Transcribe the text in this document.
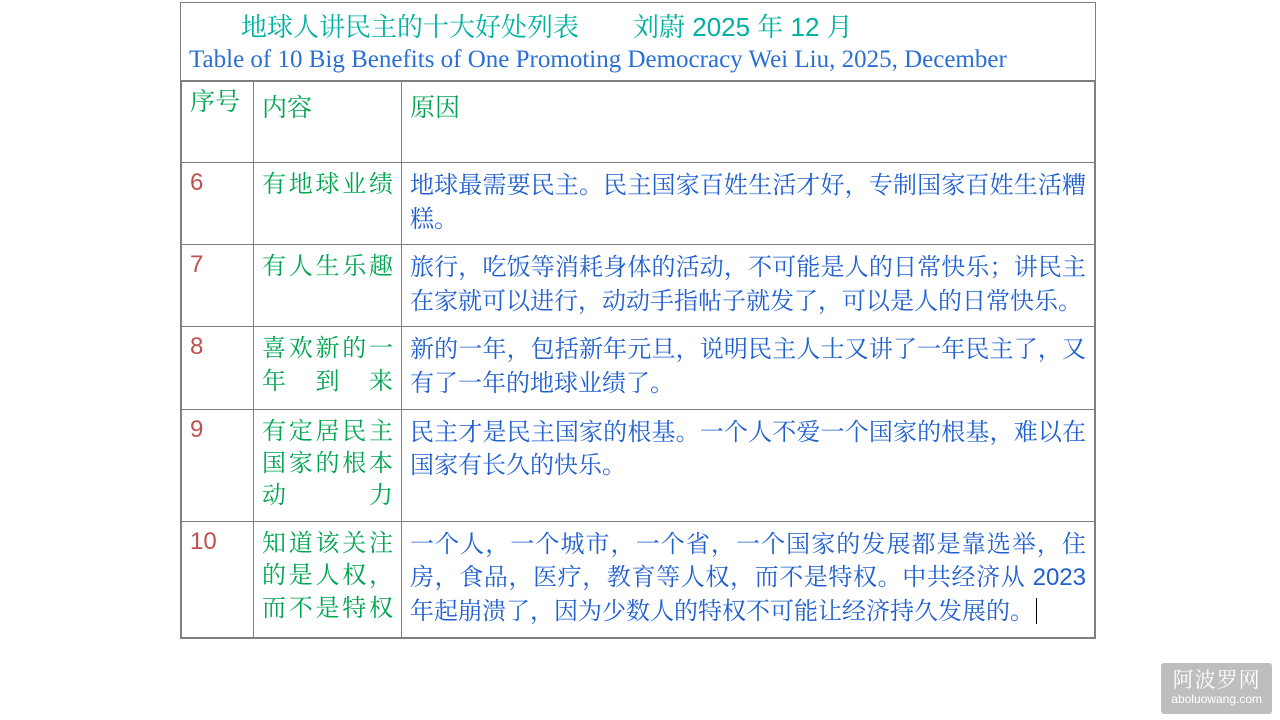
地球人讲民主的十大好处列表 刘蔚 2025 年 12 月
Table of 10 Big Benefits of One Promoting Democracy Wei Liu, 2025, December
序号	内容	原因

6	有地球业绩	地球最需要民主。民主国家百姓生活才好，专制国家百姓生活糟糕。

7	有人生乐趣	旅行，吃饭等消耗身体的活动，不可能是人的日常快乐；讲民主在家就可以进行，动动手指帖子就发了，可以是人的日常快乐。

8	喜欢新的一年到来	新的一年，包括新年元旦，说明民主人士又讲了一年民主了，又有了一年的地球业绩了。

9	有定居民主国家的根本动力	民主才是民主国家的根基。一个人不爱一个国家的根基，难以在国家有长久的快乐。

10	知道该关注的是人权，而不是特权	一个人，一个城市，一个省，一个国家的发展都是靠选举，住房，食品，医疗，教育等人权，而不是特权。中共经济从 2023 年起崩溃了，因为少数人的特权不可能让经济持久发展的。
阿波罗网
aboluowang.com
